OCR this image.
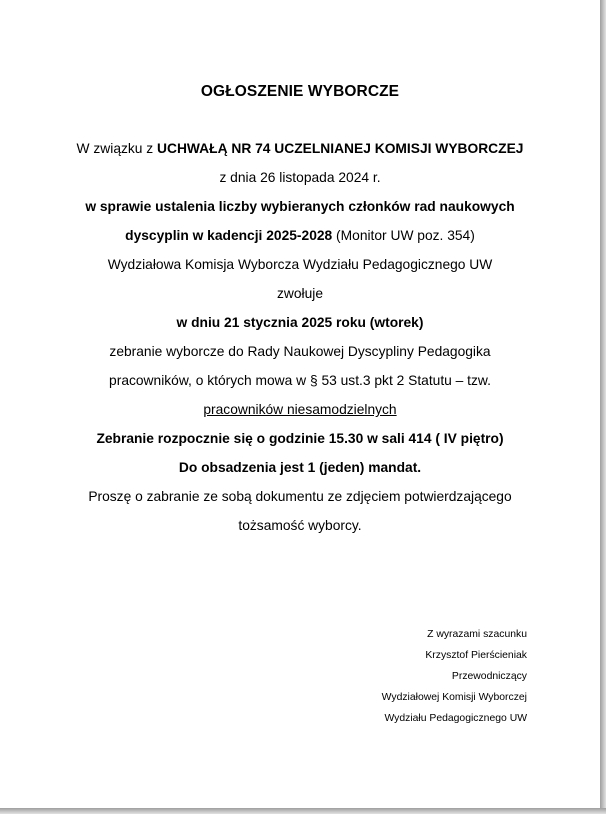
OGŁOSZENIE WYBORCZE
W związku z UCHWAŁĄ NR 74 UCZELNIANEJ KOMISJI WYBORCZEJ
z dnia 26 listopada 2024 r.
w sprawie ustalenia liczby wybieranych członków rad naukowych
dyscyplin w kadencji 2025-2028 (Monitor UW poz. 354)
Wydziałowa Komisja Wyborcza Wydziału Pedagogicznego UW
zwołuje
w dniu 21 stycznia 2025 roku (wtorek)
zebranie wyborcze do Rady Naukowej Dyscypliny Pedagogika
pracowników, o których mowa w § 53 ust.3 pkt 2 Statutu – tzw.
pracowników niesamodzielnych
Zebranie rozpocznie się o godzinie 15.30 w sali 414 ( IV piętro)
Do obsadzenia jest 1 (jeden) mandat.
Proszę o zabranie ze sobą dokumentu ze zdjęciem potwierdzającego
tożsamość wyborcy.
Z wyrazami szacunku
Krzysztof Pierścieniak
Przewodniczący
Wydziałowej Komisji Wyborczej
Wydziału Pedagogicznego UW
